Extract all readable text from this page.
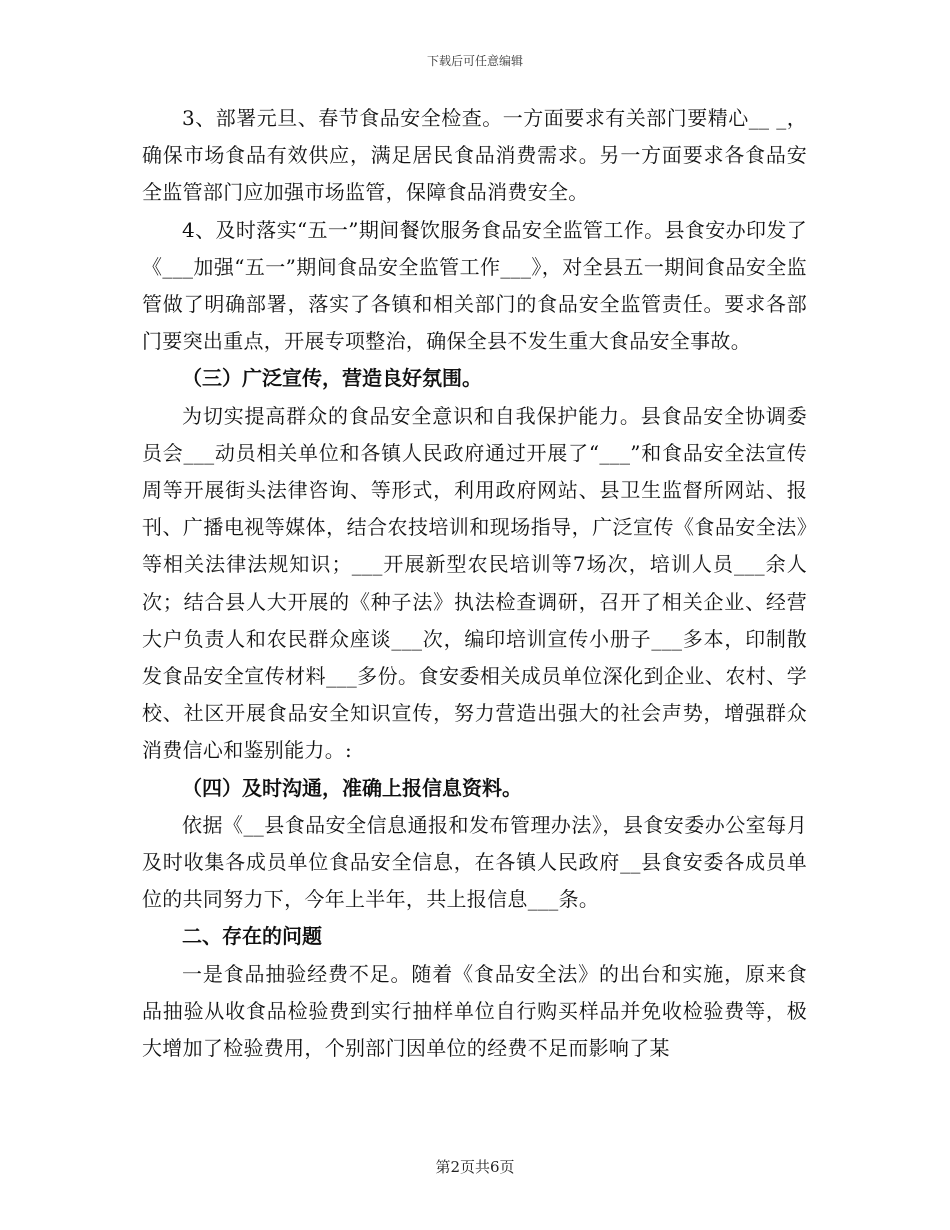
下载后可任意编辑

3、部署元旦、春节食品安全检查。一方面要求有关部门要精心__ _，确保市场食品有效供应，满足居民食品消费需求。另一方面要求各食品安全监管部门应加强市场监管，保障食品消费安全。

4、及时落实“五一”期间餐饮服务食品安全监管工作。县食安办印发了《___加强“五一”期间食品安全监管工作___》，对全县五一期间食品安全监管做了明确部署，落实了各镇和相关部门的食品安全监管责任。要求各部门要突出重点，开展专项整治，确保全县不发生重大食品安全事故。

（三）广泛宣传，营造良好氛围。

为切实提高群众的食品安全意识和自我保护能力。县食品安全协调委员会___动员相关单位和各镇人民政府通过开展了“___”和食品安全法宣传周等开展街头法律咨询、等形式，利用政府网站、县卫生监督所网站、报刊、广播电视等媒体，结合农技培训和现场指导，广泛宣传《食品安全法》等相关法律法规知识；___开展新型农民培训等7场次，培训人员___余人次；结合县人大开展的《种子法》执法检查调研，召开了相关企业、经营大户负责人和农民群众座谈___次，编印培训宣传小册子___多本，印制散发食品安全宣传材料___多份。食安委相关成员单位深化到企业、农村、学校、社区开展食品安全知识宣传，努力营造出强大的社会声势，增强群众消费信心和鉴别能力。:

（四）及时沟通，准确上报信息资料。

依据《__县食品安全信息通报和发布管理办法》，县食安委办公室每月及时收集各成员单位食品安全信息，在各镇人民政府__县食安委各成员单位的共同努力下，今年上半年，共上报信息___条。

二、存在的问题

一是食品抽验经费不足。随着《食品安全法》的出台和实施，原来食品抽验从收食品检验费到实行抽样单位自行购买样品并免收检验费等，极大增加了检验费用，个别部门因单位的经费不足而影响了某

第2页共6页
